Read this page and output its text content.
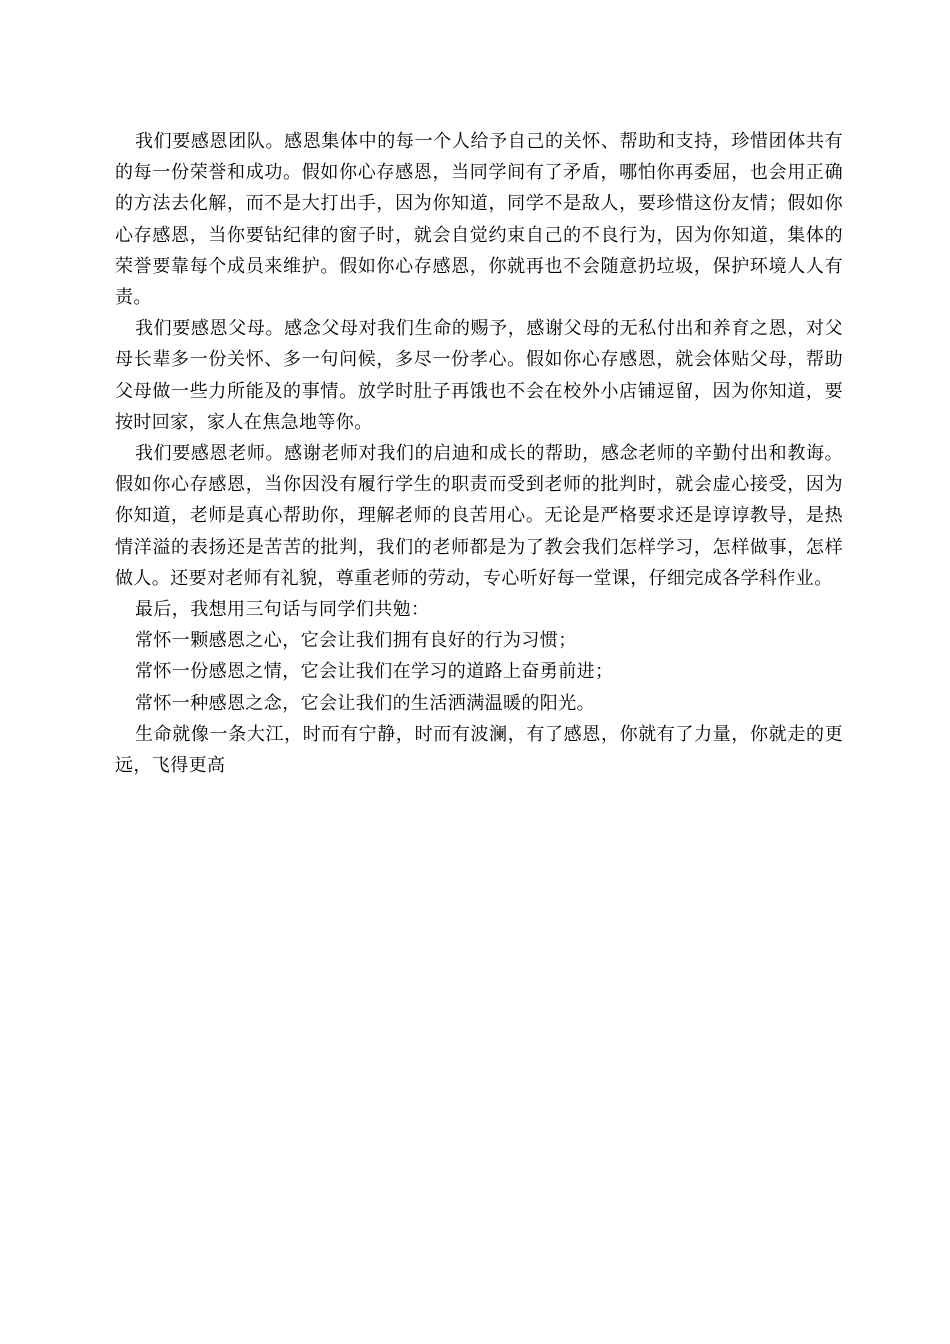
我们要感恩团队。感恩集体中的每一个人给予自己的关怀、帮助和支持，珍惜团体共有的每一份荣誉和成功。假如你心存感恩，当同学间有了矛盾，哪怕你再委屈，也会用正确的方法去化解，而不是大打出手，因为你知道，同学不是敌人，要珍惜这份友情；假如你心存感恩，当你要钻纪律的窗子时，就会自觉约束自己的不良行为，因为你知道，集体的荣誉要靠每个成员来维护。假如你心存感恩，你就再也不会随意扔垃圾，保护环境人人有责。

我们要感恩父母。感念父母对我们生命的赐予，感谢父母的无私付出和养育之恩，对父母长辈多一份关怀、多一句问候，多尽一份孝心。假如你心存感恩，就会体贴父母，帮助父母做一些力所能及的事情。放学时肚子再饿也不会在校外小店铺逗留，因为你知道，要按时回家，家人在焦急地等你。

我们要感恩老师。感谢老师对我们的启迪和成长的帮助，感念老师的辛勤付出和教诲。假如你心存感恩，当你因没有履行学生的职责而受到老师的批判时，就会虚心接受，因为你知道，老师是真心帮助你，理解老师的良苦用心。无论是严格要求还是谆谆教导，是热情洋溢的表扬还是苦苦的批判，我们的老师都是为了教会我们怎样学习，怎样做事，怎样做人。还要对老师有礼貌，尊重老师的劳动，专心听好每一堂课，仔细完成各学科作业。

最后，我想用三句话与同学们共勉：

常怀一颗感恩之心，它会让我们拥有良好的行为习惯；

常怀一份感恩之情，它会让我们在学习的道路上奋勇前进；

常怀一种感恩之念，它会让我们的生活洒满温暖的阳光。

生命就像一条大江，时而有宁静，时而有波澜，有了感恩，你就有了力量，你就走的更远，飞得更高
